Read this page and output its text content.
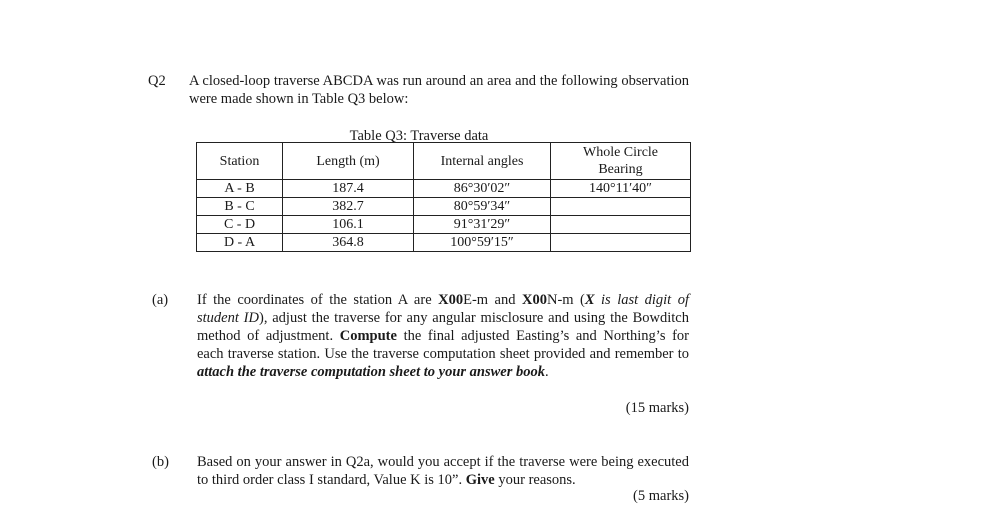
Q2 A closed-loop traverse ABCDA was run around an area and the following observation were made shown in Table Q3 below:
Table Q3: Traverse data
Station	Length (m)	Internal angles	Whole Circle Bearing
A - B	187.4	86°30′02″	140°11′40″
B - C	382.7	80°59′34″	
C - D	106.1	91°31′29″	
D - A	364.8	100°59′15″	
(a) If the coordinates of the station A are X00E-m and X00N-m (X is last digit of student ID), adjust the traverse for any angular misclosure and using the Bowditch method of adjustment. Compute the final adjusted Easting’s and Northing’s for each traverse station. Use the traverse computation sheet provided and remember to attach the traverse computation sheet to your answer book.
(15 marks)
(b) Based on your answer in Q2a, would you accept if the traverse were being executed to third order class I standard, Value K is 10”. Give your reasons.
(5 marks)
